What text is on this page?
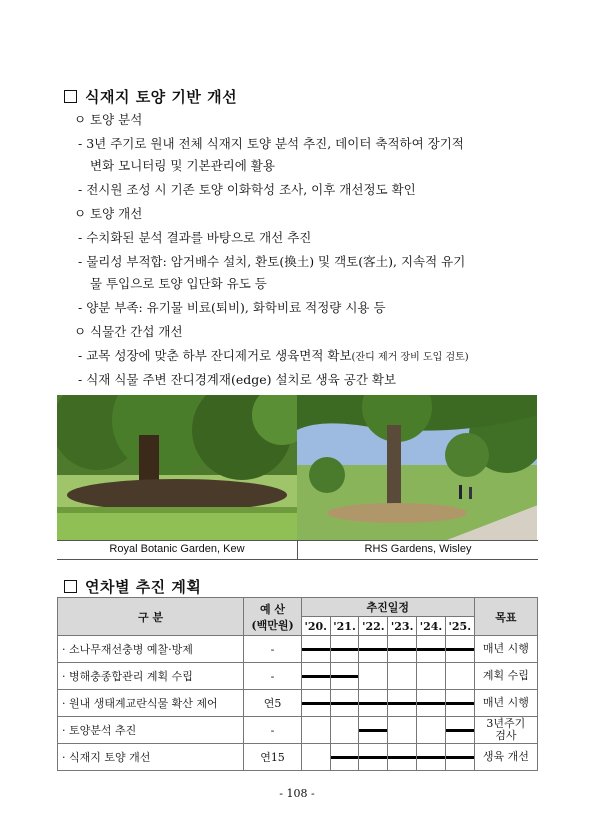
식재지 토양 기반 개선
ㅇ 토양 분석
- 3년 주기로 원내 전체 식재지 토양 분석 추진, 데이터 축적하여 장기적
변화 모니터링 및 기본관리에 활용
- 전시원 조성 시 기존 토양 이화학성 조사, 이후 개선정도 확인
ㅇ 토양 개선
- 수치화된 분석 결과를 바탕으로 개선 추진
- 물리성 부적합: 암거배수 설치, 환토(換土) 및 객토(客土), 지속적 유기
물 투입으로 토양 입단화 유도 등
- 양분 부족: 유기물 비료(퇴비), 화학비료 적정량 시용 등
ㅇ 식물간 간섭 개선
- 교목 성장에 맞춘 하부 잔디제거로 생육면적 확보(잔디 제거 장비 도입 검토)
- 식재 식물 주변 잔디경계재(edge) 설치로 생육 공간 확보
Royal Botanic Garden, Kew	RHS Gardens, Wisley
연차별 추진 계획
구 분	예 산
(백만원)	추진일정						목표
		'20.	'21.	'22.	'23.	'24.	'25.	
· 소나무재선충병 예찰·방제	-							매년 시행
· 병해충종합관리 계획 수립	-							계획 수립
· 원내 생태계교란식물 확산 제어	연5							매년 시행
· 토양분석 추진	-							3년주기
검사
· 식재지 토양 개선	연15							생육 개선
- 108 -
